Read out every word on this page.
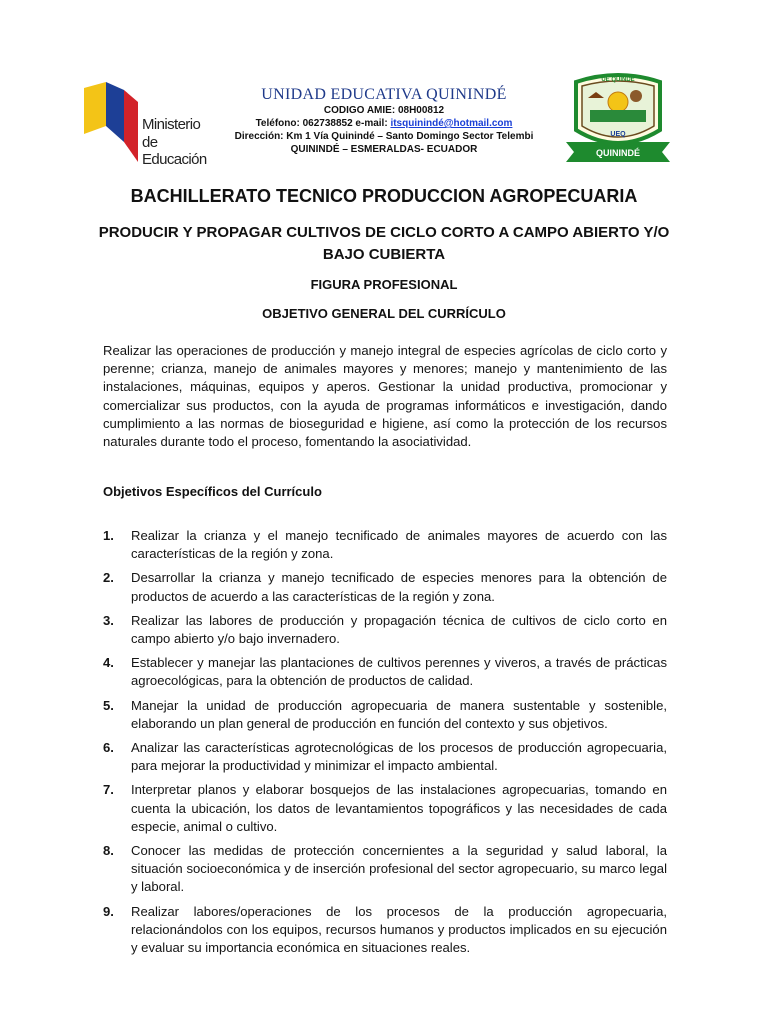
Ministerio
de Educación
UNIDAD EDUCATIVA QUININDÉ
CODIGO AMIE: 08H00812
Teléfono: 062738852 e-mail: itsquinindé@hotmail.com
Dirección: Km 1 Vía Quinindé – Santo Domingo Sector Telembi
QUININDÉ – ESMERALDAS- ECUADOR
UE QUINDÉ
UEQ
QUININDÉ
BACHILLERATO TECNICO PRODUCCION AGROPECUARIA
PRODUCIR Y PROPAGAR CULTIVOS DE CICLO CORTO A CAMPO ABIERTO Y/O BAJO CUBIERTA
FIGURA PROFESIONAL
OBJETIVO GENERAL DEL CURRÍCULO
Realizar las operaciones de producción y manejo integral de especies agrícolas de ciclo corto y perenne; crianza, manejo de animales mayores y menores; manejo y mantenimiento de las instalaciones, máquinas, equipos y aperos. Gestionar la unidad productiva, promocionar y comercializar sus productos, con la ayuda de programas informáticos e investigación, dando cumplimiento a las normas de bioseguridad e higiene, así como la protección de los recursos naturales durante todo el proceso, fomentando la asociatividad.
Objetivos Específicos del Currículo
1. Realizar la crianza y el manejo tecnificado de animales mayores de acuerdo con las características de la región y zona.
2. Desarrollar la crianza y manejo tecnificado de especies menores para la obtención de productos de acuerdo a las características de la región y zona.
3. Realizar las labores de producción y propagación técnica de cultivos de ciclo corto en campo abierto y/o bajo invernadero.
4. Establecer y manejar las plantaciones de cultivos perennes y viveros, a través de prácticas agroecológicas, para la obtención de productos de calidad.
5. Manejar la unidad de producción agropecuaria de manera sustentable y sostenible, elaborando un plan general de producción en función del contexto y sus objetivos.
6. Analizar las características agrotecnológicas de los procesos de producción agropecuaria, para mejorar la productividad y minimizar el impacto ambiental.
7. Interpretar planos y elaborar bosquejos de las instalaciones agropecuarias, tomando en cuenta la ubicación, los datos de levantamientos topográficos y las necesidades de cada especie, animal o cultivo.
8. Conocer las medidas de protección concernientes a la seguridad y salud laboral, la situación socioeconómica y de inserción profesional del sector agropecuario, su marco legal y laboral.
9. Realizar labores/operaciones de los procesos de la producción agropecuaria, relacionándolos con los equipos, recursos humanos y productos implicados en su ejecución y evaluar su importancia económica en situaciones reales.
